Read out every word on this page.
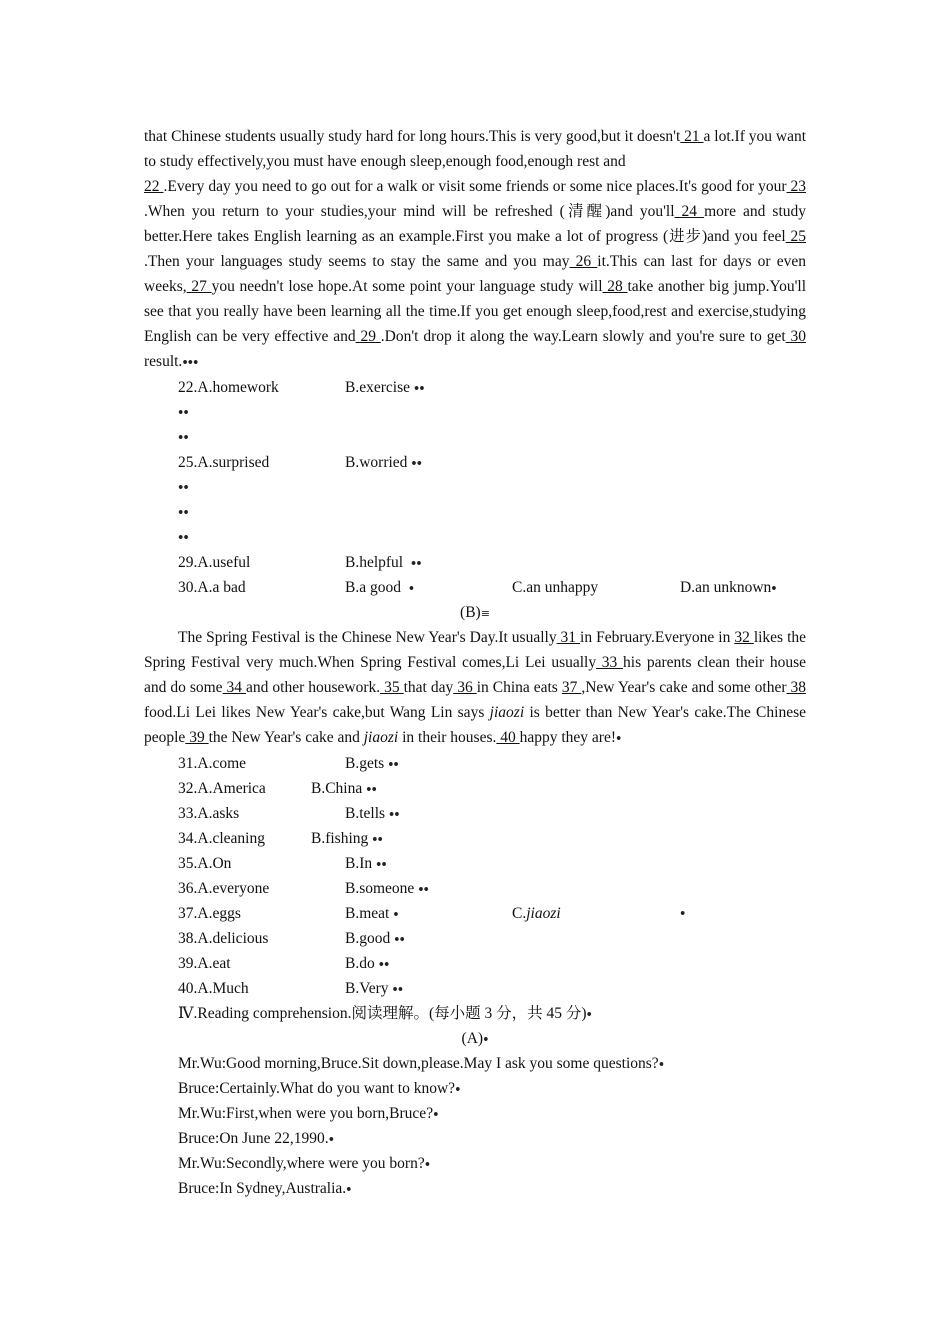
that Chinese students usually study hard for long hours.This is very good,but it doesn't 21 a lot.If you want to study effectively,you must have enough sleep,enough food,enough rest and
22 .Every day you need to go out for a walk or visit some friends or some nice places.It's good for your 23 .When you return to your studies,your mind will be refreshed (清醒)and you'll 24 more and study better.Here takes English learning as an example.First you make a lot of progress (进步)and you feel 25 .Then your languages study seems to stay the same and you may 26 it.This can last for days or even weeks, 27 you needn't lose hope.At some point your language study will 28 take another big jump.You'll see that you really have been learning all the time.If you get enough sleep,food,rest and exercise,studying English can be very effective and 29 .Don't drop it along the way.Learn slowly and you're sure to get 30 result.ꔷꔷꔷ

22.A.homework	B.exercise ꔷꔷ
ꔷꔷ
ꔷꔷ
25.A.surprised	B.worried ꔷꔷ
ꔷꔷ
ꔷꔷ
ꔷꔷ
29.A.useful	B.helpful ꔷꔷ
30.A.a bad	B.a good ꔷ	C.an unhappy	D.an unknownꔷ
(B)≡

The Spring Festival is the Chinese New Year's Day.It usually 31 in February.Everyone in 32 likes the Spring Festival very much.When Spring Festival comes,Li Lei usually 33 his parents clean their house and do some 34 and other housework. 35 that day 36 in China eats 37 ,New Year's cake and some other 38 food.Li Lei likes New Year's cake,but Wang Lin says jiaozi is better than New Year's cake.The Chinese people 39 the New Year's cake and jiaozi in their houses. 40 happy they are!ꔷ

31.A.come	B.gets ꔷꔷ
32.A.America	B.China ꔷꔷ
33.A.asks	B.tells ꔷꔷ
34.A.cleaning	B.fishing ꔷꔷ
35.A.On	B.In ꔷꔷ
36.A.everyone	B.someone ꔷꔷ
37.A.eggs	B.meat ꔷ	C.jiaozi	ꔷ
38.A.delicious	B.good ꔷꔷ
39.A.eat	B.do ꔷꔷ
40.A.Much	B.Very ꔷꔷ
Ⅳ.Reading comprehension.阅读理解。(每小题 3 分，共 45 分)ꔷ
(A)ꔷ
Mr.Wu:Good morning,Bruce.Sit down,please.May I ask you some questions?ꔷ
Bruce:Certainly.What do you want to know?ꔷ
Mr.Wu:First,when were you born,Bruce?ꔷ
Bruce:On June 22,1990.ꔷ
Mr.Wu:Secondly,where were you born?ꔷ
Bruce:In Sydney,Australia.ꔷ
